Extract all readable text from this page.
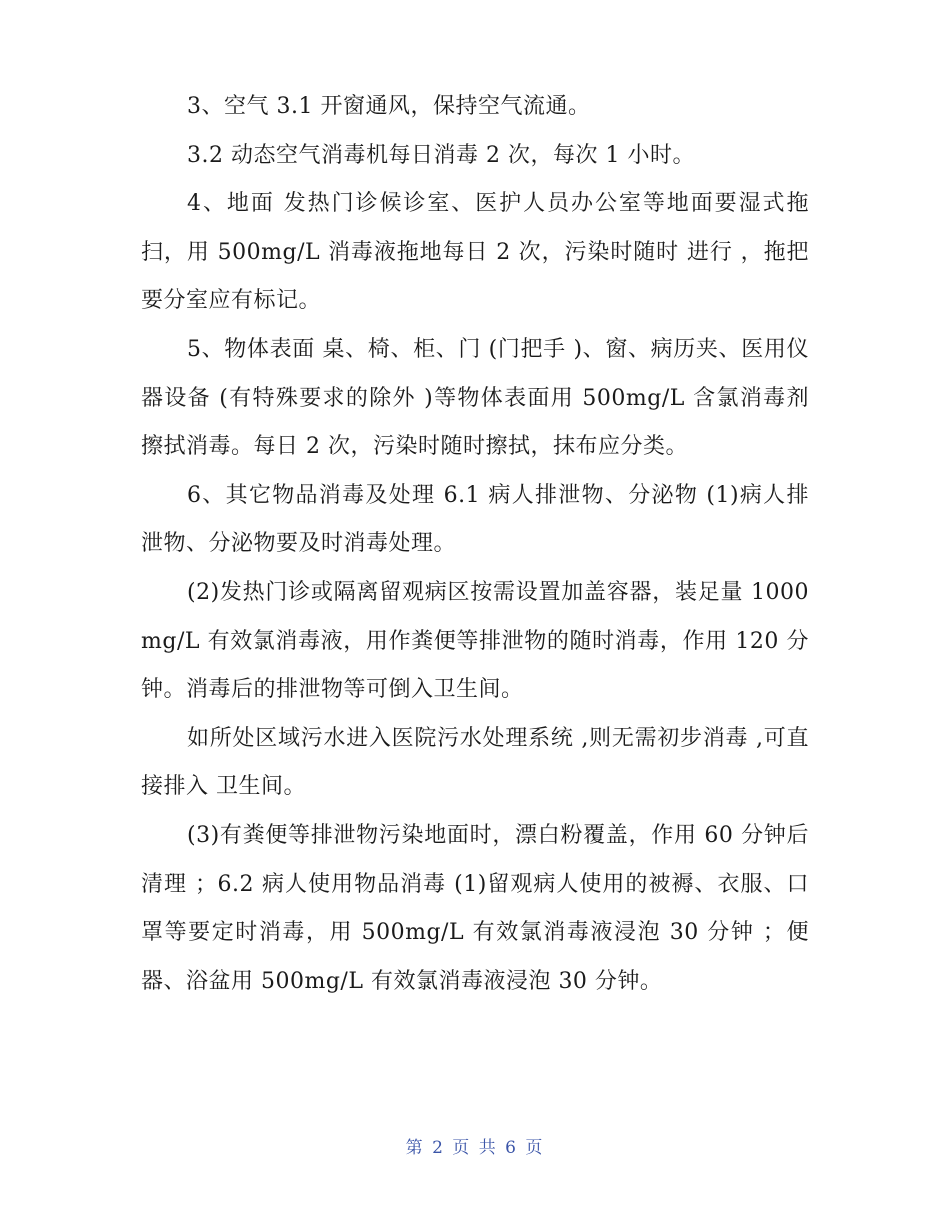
3、空气 3.1 开窗通风，保持空气流通。

3.2 动态空气消毒机每日消毒 2 次，每次 1 小时。

4、地面 发热门诊候诊室、医护人员办公室等地面要湿式拖扫，用 500mg/L 消毒液拖地每日 2 次，污染时随时 进行 ，拖把要分室应有标记。

5、物体表面 桌、椅、柜、门 (门把手 )、窗、病历夹、医用仪器设备 (有特殊要求的除外 )等物体表面用 500mg/L 含氯消毒剂擦拭消毒。每日 2 次，污染时随时擦拭，抹布应分类。

6、其它物品消毒及处理 6.1 病人排泄物、分泌物 (1)病人排泄物、分泌物要及时消毒处理。

(2)发热门诊或隔离留观病区按需设置加盖容器，装足量 1000mg/L 有效氯消毒液，用作粪便等排泄物的随时消毒，作用 120 分钟。消毒后的排泄物等可倒入卫生间。

如所处区域污水进入医院污水处理系统 ,则无需初步消毒 ,可直接排入 卫生间。

(3)有粪便等排泄物污染地面时，漂白粉覆盖，作用 60 分钟后清理 ；6.2 病人使用物品消毒 (1)留观病人使用的被褥、衣服、口罩等要定时消毒，用 500mg/L 有效氯消毒液浸泡 30 分钟 ；便器、浴盆用 500mg/L 有效氯消毒液浸泡 30 分钟。

第 2 页 共 6 页
